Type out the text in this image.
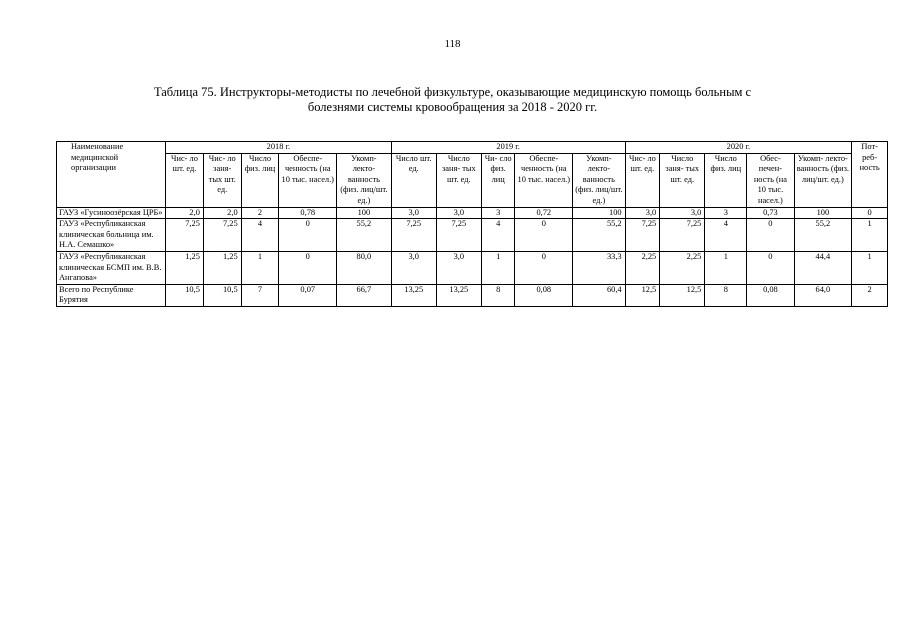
118
Таблица 75. Инструкторы-методисты по лечебной физкультуре, оказывающие медицинскую помощь больным с
болезнями системы кровообращения за 2018 - 2020 гг.
Наименование медицинской организации	2018 г.					2019 г.					2020 г.					Пот- реб- ность
	Чис- ло шт. ед.	Чис- ло заня- тых шт. ед.	Число физ. лиц	Обеспе- ченность (на 10 тыс. насел.)	Укомп- лекто- ванность (физ. лиц/шт. ед.)	Число шт. ед.	Число заня- тых шт. ед.	Чи- сло физ. лиц	Обеспе- ченность (на 10 тыс. насел.)	Укомп- лекто- ванность (физ. лиц/шт. ед.)	Чис- ло шт. ед.	Число заня- тых шт. ед.	Число физ. лиц	Обес- печен- ность (на 10 тыс. насел.)	Укомп- лекто- ванность (физ. лиц/шт. ед.)	
ГАУЗ «Гусиноозёрская ЦРБ»	2,0	2,0	2	0,78	100	3,0	3,0	3	0,72	100	3,0	3,0	3	0,73	100	0
ГАУЗ «Республиканская клиническая больница им. Н.А. Семашко»	7,25	7,25	4	0	55,2	7,25	7,25	4	0	55,2	7,25	7,25	4	0	55,2	1
ГАУЗ «Республиканская клиническая БСМП им. В.В. Ангапова»	1,25	1,25	1	0	80,0	3,0	3,0	1	0	33,3	2,25	2,25	1	0	44,4	1
Всего по Республике Бурятия	10,5	10,5	7	0,07	66,7	13,25	13,25	8	0,08	60,4	12,5	12,5	8	0,08	64,0	2
